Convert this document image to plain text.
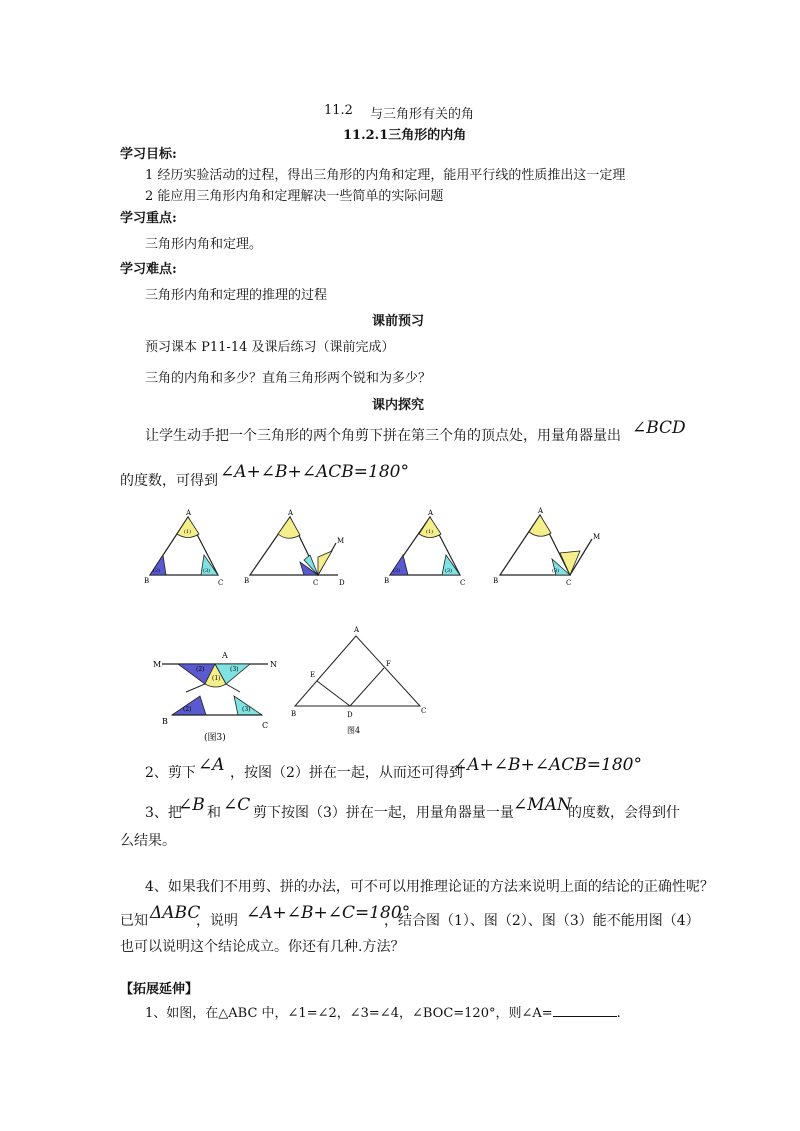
11.2 与三角形有关的角
11.2.1三角形的内角
学习目标:
1 经历实验活动的过程，得出三角形的内角和定理，能用平行线的性质推出这一定理
2 能应用三角形内角和定理解决一些简单的实际问题
学习重点:
三角形内角和定理。
学习难点:
三角形内角和定理的推理的过程
课前预习
预习课本 P11-14 及课后练习（课前完成）
三角的内角和多少？直角三角形两个锐和为多少？
课内探究
让学生动手把一个三角形的两个角剪下拼在第三个角的顶点处，用量角器量出 ∠BCD
的度数，可得到 ∠A+∠B+∠ACB=180°
A
B	C
(1)
(2)	(3)
A
B	C	D
M
A
B	C
(1)
(2)	(3)
A
B	C
M
(3)
M	N
A
B	C
(2)	(3)
(1)
(2)	(3)
(图3)
A
E
F
B	D	C
图4
2、剪下 ∠A ，按图（2）拼在一起，从而还可得到
∠A+∠B+∠ACB=180°
3、把
∠B 和 ∠C 剪下按图（3）拼在一起，用量角器量一量 ∠MAN
的度数，会得到什
么结果。
4、如果我们不用剪、拼的办法，可不可以用推理论证的方法来说明上面的结论的正确性呢？
已知 ΔABC
，说明 ∠A+∠B+∠C=180°
，结合图（1）、图（2）、图（3）能不能用图（4）
也可以说明这个结论成立。你还有几种.方法？
【拓展延伸】
1、如图，在△ABC 中，∠1=∠2，∠3=∠4，∠BOC=120°，则∠A=	.
